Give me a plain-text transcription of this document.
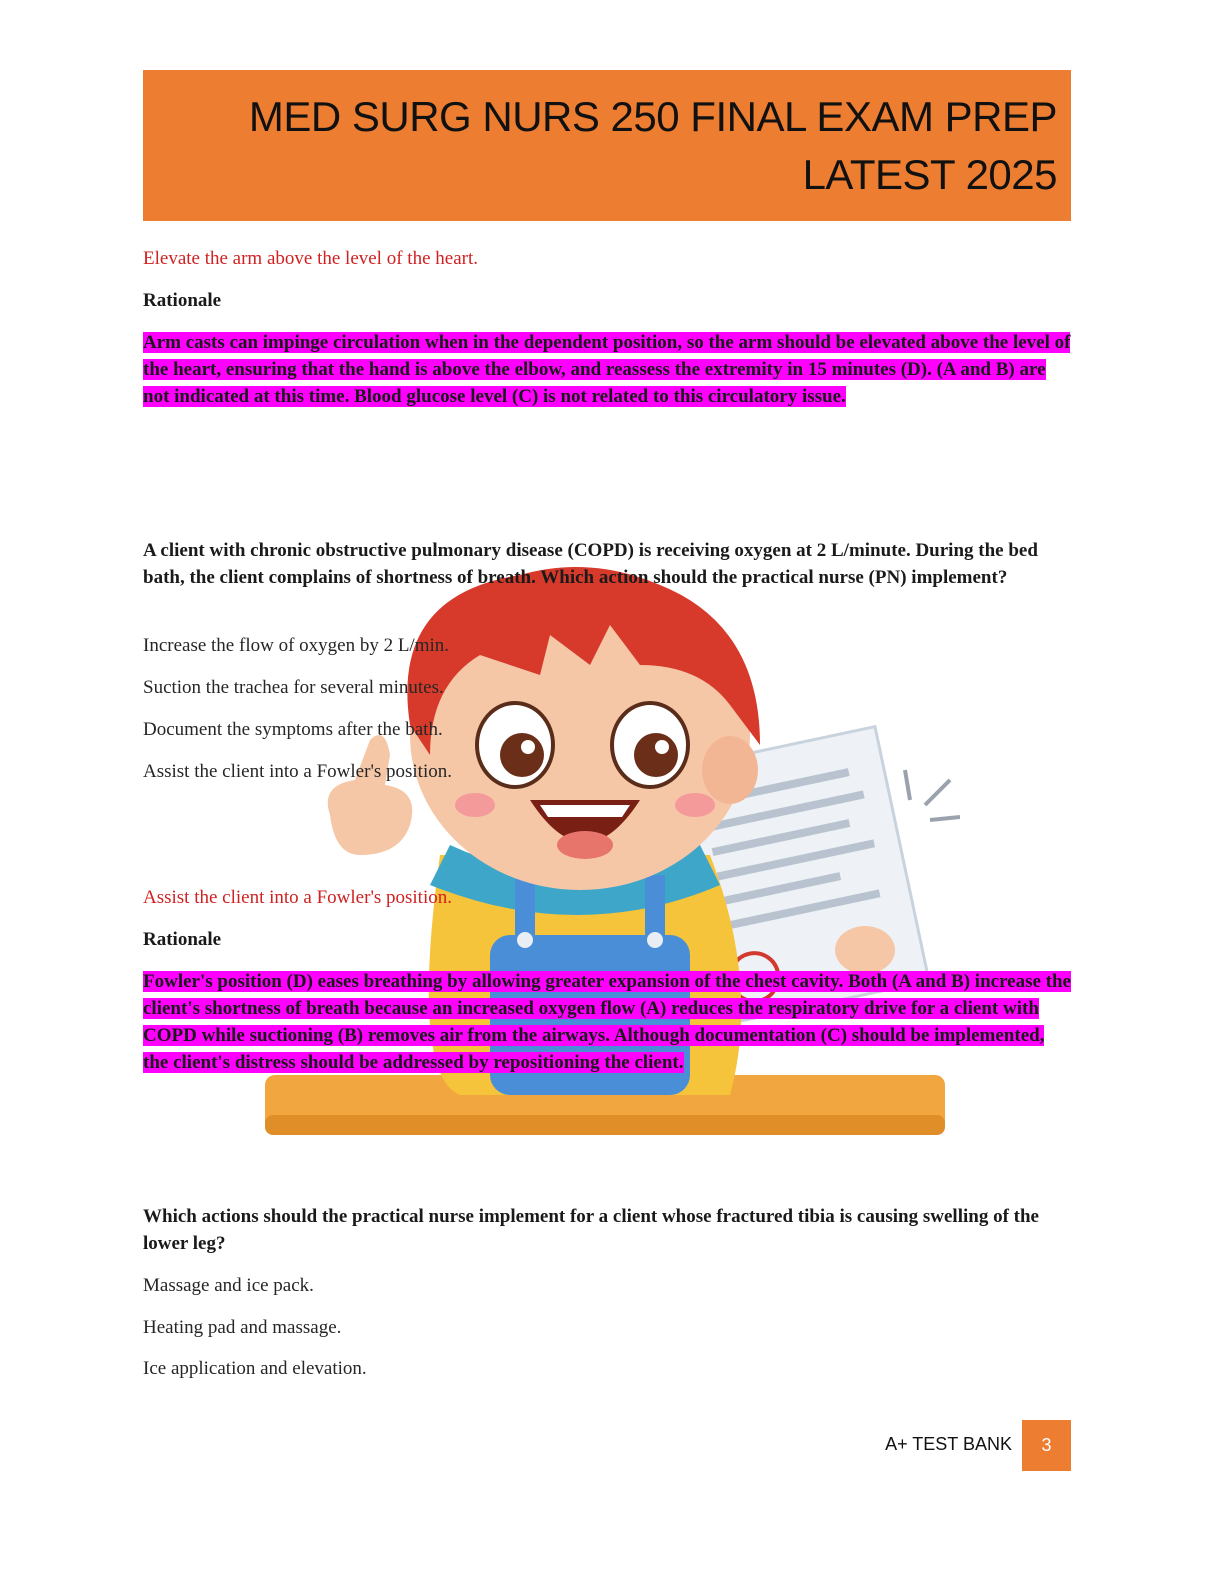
MED SURG NURS 250 FINAL EXAM PREP
LATEST 2025
Elevate the arm above the level of the heart.
Rationale
Arm casts can impinge circulation when in the dependent position, so the arm should be elevated above the level of the heart, ensuring that the hand is above the elbow, and reassess the extremity in 15 minutes (D). (A and B) are not indicated at this time. Blood glucose level (C) is not related to this circulatory issue.
A client with chronic obstructive pulmonary disease (COPD) is receiving oxygen at 2 L/minute. During the bed bath, the client complains of shortness of breath. Which action should the practical nurse (PN) implement?
Increase the flow of oxygen by 2 L/min.
Suction the trachea for several minutes.
Document the symptoms after the bath.
Assist the client into a Fowler's position.
Assist the client into a Fowler's position.
Rationale
Fowler's position (D) eases breathing by allowing greater expansion of the chest cavity. Both (A and B) increase the client's shortness of breath because an increased oxygen flow (A) reduces the respiratory drive for a client with COPD while suctioning (B) removes air from the airways. Although documentation (C) should be implemented, the client's distress should be addressed by repositioning the client.
Which actions should the practical nurse implement for a client whose fractured tibia is causing swelling of the lower leg?
Massage and ice pack.
Heating pad and massage.
Ice application and elevation.
A+ TEST BANK	3
